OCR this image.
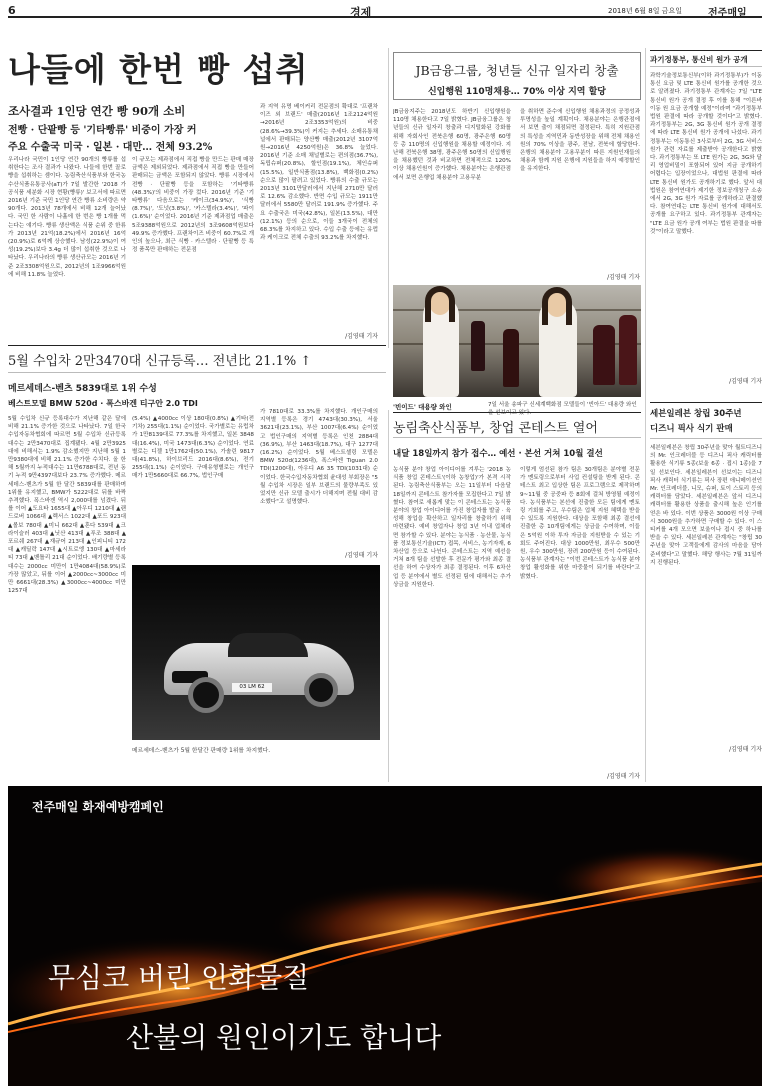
6	경제	2018년 6월 8일 금요일	전주매일
나들에 한번 빵 섭취
조사결과 1인당 연간 빵 90개 소비
전빵 · 단팥빵 등 '기타빵류' 비중이 가장 커
주요 수출국 미국 · 일본 · 대만… 전체 93.2%
우리나라 국민이 1인당 연간 90개의 빵류를 섭취한다는 조사 결과가 나왔다. 나들에 한번 꼴로 빵을 섭취하는 셈이다. 농림축산식품부와 한국농수산식품유통공사(aT)가 7일 발간한 '2018 가공식품 세분화 시장 현황(빵류)' 보고서에 따르면 2016년 기준 국민 1인당 연간 빵류 소비량은 약 90개다. 2013년 78개에서 비해 12개 늘어났다. 국민 한 사람이 나흘에 한 번은 빵 1개를 먹는다는 얘기다. 빵류 생산액은 식품 순위 중 한류가 2013년 21억(18.2%)에서 2016년 16억(20.9%)로 6억께 상승했다. 남성(22.9%)이 여성(19.2%)보다 3.4g 더 많이 섭취한 것으로 나타났다. 우리나라의 빵류 생산규모는 2016년 기준 2조3308억원으로, 2012년의 1조9966억원에 비해 11.8% 늘었다.
이 규모는 제과점에서 직접 빵을 만드는 판매 매장 금액은 제외되었다. 제과점에서 직접 빵을 만들어 판매되는 금액은 포함되지 않았다. 빵류 시장에서 전빵 · 단팥빵 등을 포함하는 '기타빵류(48.3%)'의 비중이 가장 컸다. 2016년 기준 '기타빵류' 다음으로는 '케이크(34.9%)', '식빵(8.7%)', '도넛(3.8%)', '카스텔라(3.4%)', '파이(1.6%)' 순이었다. 2016년 기준 제과점업 매출은 5조9388억원으로 2012년의 3조9608억원보다 49.9% 증가했다. 프랜차이즈 비중이 60.7%로 개인의 높으나, 최근 식빵 · 카스텔라 · 단팥빵 등 특정 품목만 판매하는 전문점
과 지역 유명 베이커리 전문점의 확대로 '프랜차이즈 외 브랜드' 매출(2016년 1조2124억원→2016년 2조3353억원)의 비중(28.6%→39.3%)이 커지는 추세다. 소매유통채널에서 판매되는 양산빵 매출(2012년 3107억원→2016년 4250억원)은 36.8% 늘었다. 2016년 기준 소매 채널별로는 편의점(36.7%), 독립슈퍼(20.8%), 할인점(19.1%), 체인슈퍼(15.5%), 일반식품점(13.8%), 백화점(0.2%) 순으로 많이 팔려고 있었다. 빵류의 수출 규모는 2013년 3101만달러에서 지난해 2710만 달러로 12.6% 감소했다. 반면 수입 규모는 1911만 달러에서 5580만 달러로 191.9% 증가했다. 주요 수출국은 미국(42.8%), 일본(13.5%), 대만(12.1%) 등의 순으로, 이들 3개국이 전체의 68.3%를 차지하고 있다. 수입 수출 등에는 유럽과 케이크로 전체 수출의 93.2%를 차지했다.
/김영태 기자
JB금융그룹, 청년들 신규 일자리 창출
신입행원 110명채용… 70% 이상 지역 할당
JB금융지주는 2018년도 하반기 신입행원을 110명 채용한다고 7일 밝혔다. JB금융그룹은 청년들의 신규 일자리 창출과 디지털화된 강화를 위해 자회사인 전북은행 60명, 광주은행 60명 등 총 110명의 신입행원을 채용할 예정이다. 지난해 전북은행 38명, 광주은행 50명의 신입행원을 채용했던 것과 비교하면 전체적으로 120% 이상 채용인원이 증가했다. 채용분야는 은행관점에서 보면 은행업 채용분야 고용무분
을 취하면 준수에 신입행원 채용과정의 공정성과 투명성을 높일 계획이다. 채용분야는 은행관점에서 보면 출이 채점되면 결정된다. 특히 지원관점의 특성을 지역민과 동반성장을 위해 전체 채용인원의 70% 이상을 광주, 전남, 전북에 할당한다. 은행의 채용분야 고용무분이 따른 지원인재들의 채용과 함께 지원 은행에 지원들을 하지 예정할인을 유지한다.
/김영태 기자
'빈이드' 대용량 와인	7일 서울 송파구 신세계백화점 모델들이 '빈아드' 대용량 와인을 선보이고 있다.
5월 수입차 2만3470대 신규등록… 전년比 21.1% ↑
메르세데스-벤츠 5839대로 1위 수성
베스트모델 BMW 520d · 폭스바겐 티구안 2.0 TDI
5월 수입차 신규 등록대수가 지난해 같은 달에 비해 21.1% 증가한 것으로 나타났다. 7일 한국수입자동차협회에 따르면 5월 수입차 신규등록대수는 2만3470대로 집계됐다. 4월 2만3925대에 비해서는 1.9% 감소했지만 지난해 5월 1만9380대에 비해 21.1% 증가한 수치다. 올 한해 5월까지 누적대수는 11만6788대로, 전년 동기 누적 9만4397대보다 23.7% 증가했다. 메르세데스-벤츠가 5월 한 달간 5839대를 판매하며 1위를 유지했고, BMW가 5222대로 뒤를 바짝 추격했다. 폭스바겐 역시 2,000대를 넘겼다. 뒤를 이어 ▲도요타 1655대 ▲아우디 1210대 ▲랜드로버 1066대 ▲렉서스 1022대 ▲포드 923대 ▲볼보 780대 ▲미니 662대 ▲혼다 539대 ▲크라이슬러 403대 ▲닛산 413대 ▲푸조 388대 ▲포르쉐 267대 ▲재규어 213대 ▲인피니티 172대 ▲캐딜락 147대 ▲시트로엥 130대 ▲마세라티 73대 ▲벤틀리 21대 순이었다. 배기량별 등록대수는 2000cc 미만이 1만4084대(58.9%)로 가장 많았고, 뒤를 이어 ▲2000cc~3000cc 미만 6661대(28.3%) ▲3000cc~4000cc 미만 1257대
(5.4%) ▲4000cc 이상 180대(0.8%) ▲기타(전기차) 255대(1.1%) 순이었다. 국가별로는 유럽차가 1만8139대로 77.3%를 차지했고, 일본 3848대(16.4%), 미국 1473대(6.3%) 순이었다. 연료별로는 디젤 1만1762대(50.1%), 가솔린 9817대(41.8%), 하이브리드 2016대(8.6%), 전기 255대(1.1%) 순이었다. 구매유형별로는 개인구매가 1만5660대로 66.7%, 법인구매
가 7810대로 33.3%를 차지했다. 개인구매의 지역별 등록은 경기 4743대(30.3%), 서울 3621대(23.1%), 부산 1007대(6.4%) 순이었고 법인구매의 지역별 등록은 인천 2884대(36.9%), 부산 1463대(18.7%), 대구 1277대(16.2%) 순이었다. 5월 베스트셀링 모델은 BMW 520d(1236대), 폭스바겐 Tiguan 2.0 TDI(1200대), 아우디 A6 35 TDI(1031대) 순이었다. 한국수입자동차협회 윤대성 부회장은 "5월 수입차 시장은 일부 브랜드의 물량부족도 있었지만 신규 모델 출시가 더해지며 전월 대비 감소했다"고 설명했다.
/김영태 기자
03 LM 62
메르세데스-벤츠가 5월 한달간 판매량 1위를 차지했다.
농림축산식품부, 창업 콘테스트 열어
내달 18일까지 참가 접수… 예선 · 본선 거쳐 10월 결선
농식품 분야 창업 아이디어를 겨루는 '2018 농식품 창업 콘테스트'(이하 농창업)'가 본격 시작된다. 농림축산식품부는 오는 11일부터 다음달 18일까지 콘테스트 참가자를 모집한다고 7일 밝혔다. 참여로 새롭게 맞는 이 콘테스트는 농식품 분야의 창업 아이디어를 가진 창업자를 발굴 · 육성해 창업을 확산하고 일자리를 창출하기 위해 마련됐다. 예비 창업자나 창업 3년 이내 업체라면 참가할 수 있다. 분야는 농식품 · 농산물, 농식품 정보통신기술(ICT) 접목, 서비스, 농기자재, 6차산업 등으로 나뉜다. 콘테스트는 지역 예선을 거쳐 8개 팀을 선발한 후 전문가 평가와 최종 결선을 하여 수상자가 최종 결정된다. 이후 6차산업 등 분야에서 별도 선정된 팀에 대해서는 추가 상금을 지원한다.
이렇게 엄선된 참가 팀은 30개팀은 분야별 전문가 멘토링으로부터 사업 컨설팅을 받게 된다. 콘테스트 최고 입상한 팀은 프로그램으로 제작하며 9~11월 중 공중파 등 8회에 걸쳐 방영될 예정이다. 농식품부는 본선에 진출한 모든 팀에게 멘토링 기회를 주고, 우수팀은 업체 지원 혜택을 받을 수 있도록 지원한다. 대상을 포함해 최종 결선에 진출한 총 10개팀에게는 상금을 수여하며, 이들은 5억원 이하 투자 자금을 지원받을 수 있는 기회도 주어진다. 대상 1000만원, 최우수 500만원, 우수 300만원, 장려 200만원 등이 수여된다. 농식품부 관계자는 "이번 콘테스트가 농식품 분야 창업 활성화를 위한 마중물이 되기를 바란다"고 밝혔다.
/김영태 기자
과기정통부, 통신비 원가 공개
과학기술정보통신부(이하 과기정통부)가 이동통신 요금 및 LTE 통신비 원가를 공개한 것으로 알려졌다. 과기정통부 관계자는 7일 "LTE 통신비 원가 공개 결정 후 이를 통해 "이른바 이동 원 요금 공개할 예정"이라며 "과기정통부 법원 판결에 따라 공개할 것이다"고 밝혔다. 과기정통부는 2G, 3G 통신비 원가 공개 결정에 따라 LTE 통신비 원가 공개에 나섰다. 과기정통부는 이동통신 3사로부터 2G, 3G 서비스 원가 관련 자료를 제출받아 공개한다고 밝혔다. 과기정통부는 또 LTE 원가는 2G, 3G와 달리 영업비밀이 포함되어 있어 지금 공개하기 어렵다는 입장이었으나, 대법원 판결에 따라 LTE 통신비 원가도 공개하기로 했다. 앞서 대법원은 참여연대가 제기한 정보공개청구 소송에서 2G, 3G 원가 자료를 공개하라고 판결했다. 참여연대는 LTE 통신비 원가에 대해서도 공개를 요구하고 있다. 과기정통부 관계자는 "LTE 요금 원가 공개 여부는 법원 판결을 따를 것"이라고 말했다.
/김영태 기자
세븐일레븐 창립 30주년
디즈니 픽사 식기 판매
세븐일레븐은 창립 30주년을 맞아 월트디즈니의 Mr. 인크레더블 등 디즈니 픽사 캐릭터를 활용한 식기류 5종(보울 6종 · 접시 1종)을 7일 선보인다. 세븐일레븐이 선보이는 디즈니 픽사 캐릭터 식기류는 픽사 장편 애니메이션인 Mr. 인크레더블, 니모, 슈퍼, 토이 스토리 등의 캐릭터를 담았다. 세븐일레븐은 앞서 디즈니 캐릭터를 활용한 상품을 출시해 높은 인기를 얻은 바 있다. 이번 상품은 3000원 이상 구매 시 3000원을 추가하면 구매할 수 있다. 이 스티커를 4개 모으면 보울이나 접시 중 하나를 받을 수 있다. 세븐일레븐 관계자는 "창립 30주년을 맞아 고객들에게 감사의 마음을 담아 준비했다"고 말했다. 해당 행사는 7월 31일까지 진행된다.
/김영태 기자
전주매일 화재예방캠페인
무심코 버린 인화물질
산불의 원인이기도 합니다
